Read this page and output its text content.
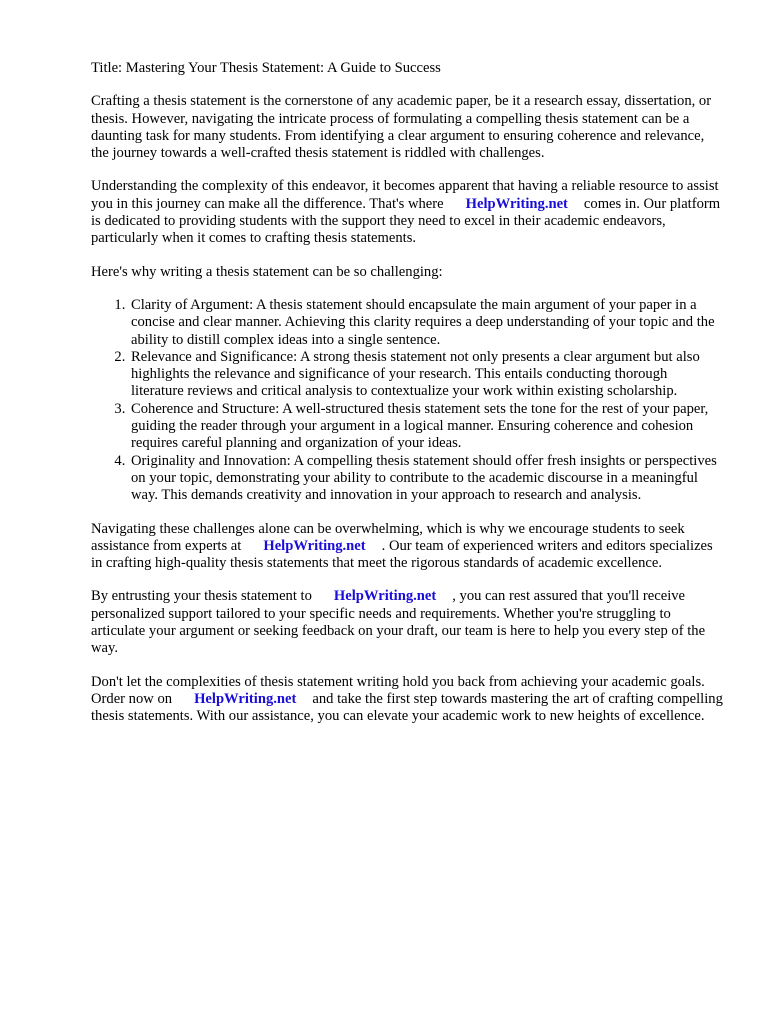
Title: Mastering Your Thesis Statement: A Guide to Success

Crafting a thesis statement is the cornerstone of any academic paper, be it a research essay, dissertation, or thesis. However, navigating the intricate process of formulating a compelling thesis statement can be a daunting task for many students. From identifying a clear argument to ensuring coherence and relevance, the journey towards a well-crafted thesis statement is riddled with challenges.

Understanding the complexity of this endeavor, it becomes apparent that having a reliable resource to assist you in this journey can make all the difference. That's where HelpWriting.net comes in. Our platform is dedicated to providing students with the support they need to excel in their academic endeavors, particularly when it comes to crafting thesis statements.

Here's why writing a thesis statement can be so challenging:

1. Clarity of Argument: A thesis statement should encapsulate the main argument of your paper in a concise and clear manner. Achieving this clarity requires a deep understanding of your topic and the ability to distill complex ideas into a single sentence.
2. Relevance and Significance: A strong thesis statement not only presents a clear argument but also highlights the relevance and significance of your research. This entails conducting thorough literature reviews and critical analysis to contextualize your work within existing scholarship.
3. Coherence and Structure: A well-structured thesis statement sets the tone for the rest of your paper, guiding the reader through your argument in a logical manner. Ensuring coherence and cohesion requires careful planning and organization of your ideas.
4. Originality and Innovation: A compelling thesis statement should offer fresh insights or perspectives on your topic, demonstrating your ability to contribute to the academic discourse in a meaningful way. This demands creativity and innovation in your approach to research and analysis.

Navigating these challenges alone can be overwhelming, which is why we encourage students to seek assistance from experts at HelpWriting.net . Our team of experienced writers and editors specializes in crafting high-quality thesis statements that meet the rigorous standards of academic excellence.

By entrusting your thesis statement to HelpWriting.net , you can rest assured that you'll receive personalized support tailored to your specific needs and requirements. Whether you're struggling to articulate your argument or seeking feedback on your draft, our team is here to help you every step of the way.

Don't let the complexities of thesis statement writing hold you back from achieving your academic goals. Order now on HelpWriting.net and take the first step towards mastering the art of crafting compelling thesis statements. With our assistance, you can elevate your academic work to new heights of excellence.
